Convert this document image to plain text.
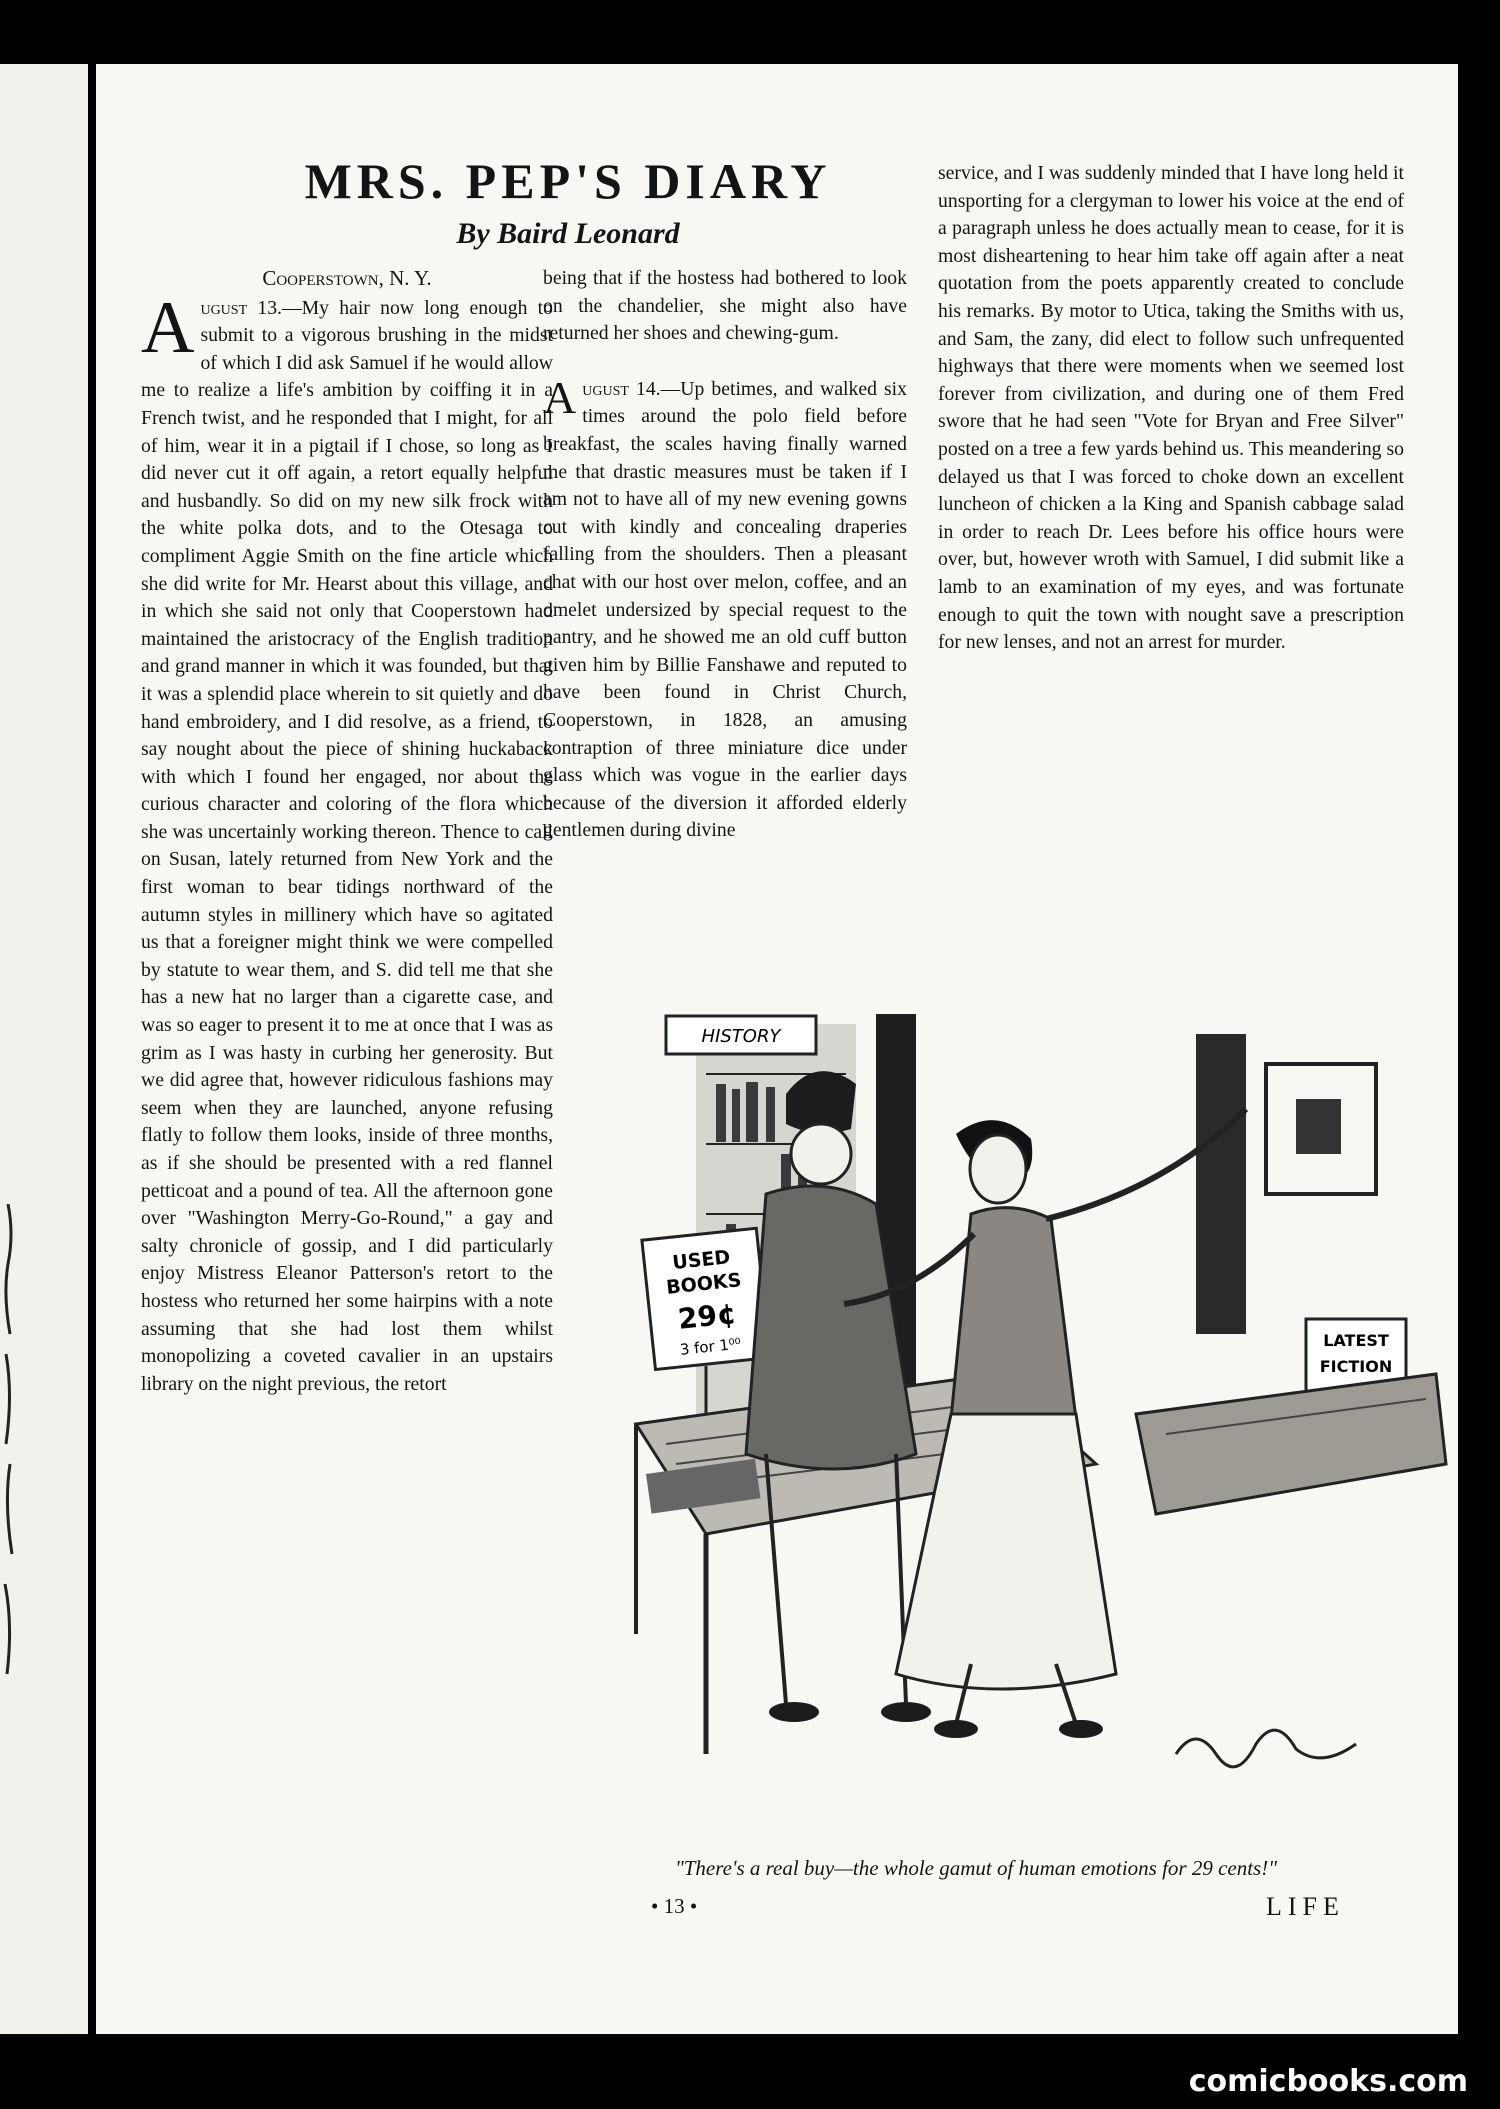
MRS. PEP'S DIARY
By Baird Leonard
Cooperstown, N. Y.

August 13.—My hair now long enough to submit to a vigorous brushing in the midst of which I did ask Samuel if he would allow me to realize a life's ambition by coiffing it in a French twist, and he responded that I might, for all of him, wear it in a pigtail if I chose, so long as I did never cut it off again, a retort equally helpful and husbandly. So did on my new silk frock with the white polka dots, and to the Otesaga to compliment Aggie Smith on the fine article which she did write for Mr. Hearst about this village, and in which she said not only that Cooperstown had maintained the aristocracy of the English tradition and grand manner in which it was founded, but that it was a splendid place wherein to sit quietly and do hand embroidery, and I did resolve, as a friend, to say nought about the piece of shining huckaback with which I found her engaged, nor about the curious character and coloring of the flora which she was uncertainly working thereon. Thence to call on Susan, lately returned from New York and the first woman to bear tidings northward of the autumn styles in millinery which have so agitated us that a foreigner might think we were compelled by statute to wear them, and S. did tell me that she has a new hat no larger than a cigarette case, and was so eager to present it to me at once that I was as grim as I was hasty in curbing her generosity. But we did agree that, however ridiculous fashions may seem when they are launched, anyone refusing flatly to follow them looks, inside of three months, as if she should be presented with a red flannel petticoat and a pound of tea. All the afternoon gone over "Washington Merry-Go-Round," a gay and salty chronicle of gossip, and I did particularly enjoy Mistress Eleanor Patterson's retort to the hostess who returned her some hairpins with a note assuming that she had lost them whilst monopolizing a coveted cavalier in an upstairs library on the night previous, the retort

being that if the hostess had bothered to look on the chandelier, she might also have returned her shoes and chewing-gum.

August 14.—Up betimes, and walked six times around the polo field before breakfast, the scales having finally warned me that drastic measures must be taken if I am not to have all of my new evening gowns cut with kindly and concealing draperies falling from the shoulders. Then a pleasant chat with our host over melon, coffee, and an omelet undersized by special request to the pantry, and he showed me an old cuff button given him by Billie Fanshawe and reputed to have been found in Christ Church, Cooperstown, in 1828, an amusing contraption of three miniature dice under glass which was vogue in the earlier days because of the diversion it afforded elderly gentlemen during divine

service, and I was suddenly minded that I have long held it unsporting for a clergyman to lower his voice at the end of a paragraph unless he does actually mean to cease, for it is most disheartening to hear him take off again after a neat quotation from the poets apparently created to conclude his remarks. By motor to Utica, taking the Smiths with us, and Sam, the zany, did elect to follow such unfrequented highways that there were moments when we seemed lost forever from civilization, and during one of them Fred swore that he had seen "Vote for Bryan and Free Silver" posted on a tree a few yards behind us. This meandering so delayed us that I was forced to choke down an excellent luncheon of chicken a la King and Spanish cabbage salad in order to reach Dr. Lees before his office hours were over, but, however wroth with Samuel, I did submit like a lamb to an examination of my eyes, and was fortunate enough to quit the town with nought save a prescription for new lenses, and not an arrest for murder.

HISTORY
USED
BOOKS
29¢
3 for 1⁰⁰	LATEST
FICTION
Perry Barlow
"There's a real buy—the whole gamut of human emotions for 29 cents!"
• 13 •	LIFE
comicbooks.com
